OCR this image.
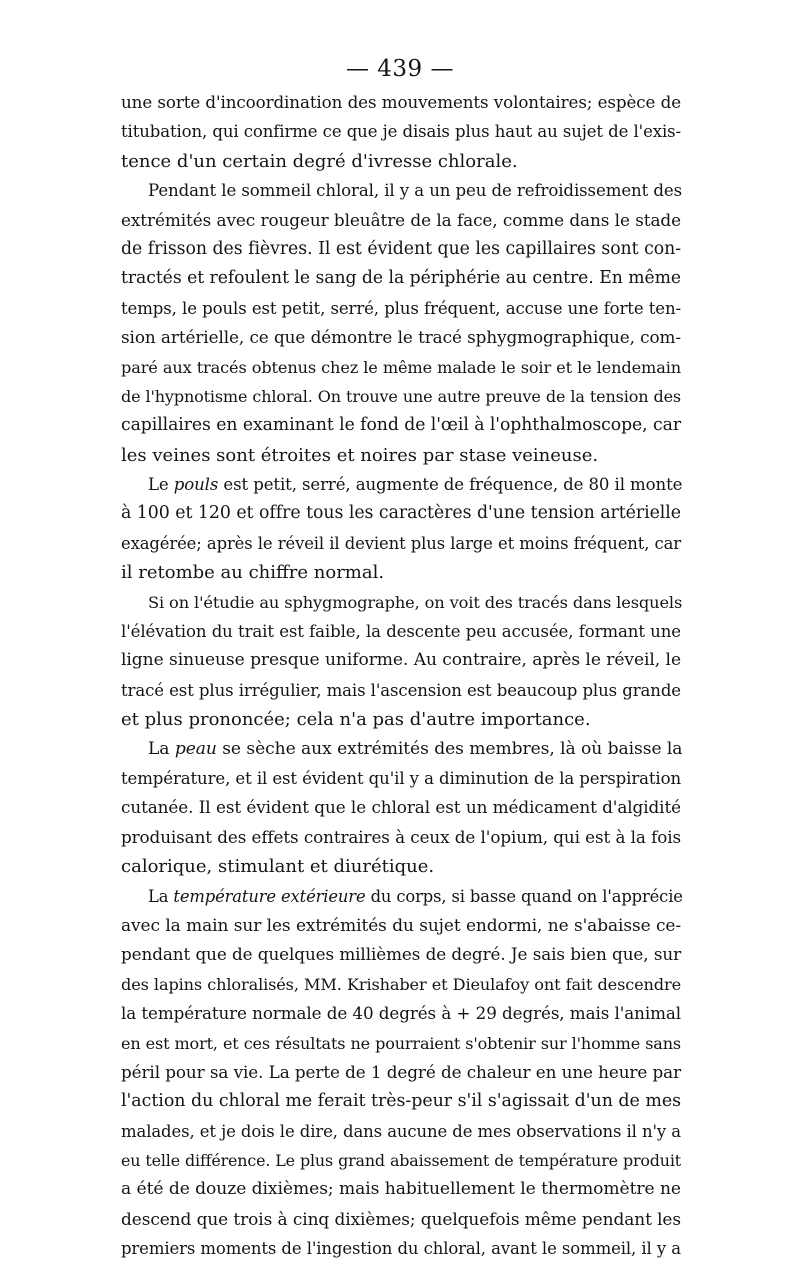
— 439 —
une sorte d'incoordination des mouvements volontaires; espèce de
titubation, qui confirme ce que je disais plus haut au sujet de l'exis-
tence d'un certain degré d'ivresse chlorale.
Pendant le sommeil chloral, il y a un peu de refroidissement des
extrémités avec rougeur bleuâtre de la face, comme dans le stade
de frisson des fièvres. Il est évident que les capillaires sont con-
tractés et refoulent le sang de la périphérie au centre. En même
temps, le pouls est petit, serré, plus fréquent, accuse une forte ten-
sion artérielle, ce que démontre le tracé sphygmographique, com-
paré aux tracés obtenus chez le même malade le soir et le lendemain
de l'hypnotisme chloral. On trouve une autre preuve de la tension des
capillaires en examinant le fond de l'œil à l'ophthalmoscope, car
les veines sont étroites et noires par stase veineuse.
Le pouls est petit, serré, augmente de fréquence, de 80 il monte
à 100 et 120 et offre tous les caractères d'une tension artérielle
exagérée; après le réveil il devient plus large et moins fréquent, car
il retombe au chiffre normal.
Si on l'étudie au sphygmographe, on voit des tracés dans lesquels
l'élévation du trait est faible, la descente peu accusée, formant une
ligne sinueuse presque uniforme. Au contraire, après le réveil, le
tracé est plus irrégulier, mais l'ascension est beaucoup plus grande
et plus prononcée; cela n'a pas d'autre importance.
La peau se sèche aux extrémités des membres, là où baisse la
température, et il est évident qu'il y a diminution de la perspiration
cutanée. Il est évident que le chloral est un médicament d'algidité
produisant des effets contraires à ceux de l'opium, qui est à la fois
calorique, stimulant et diurétique.
La température extérieure du corps, si basse quand on l'apprécie
avec la main sur les extrémités du sujet endormi, ne s'abaisse ce-
pendant que de quelques millièmes de degré. Je sais bien que, sur
des lapins chloralisés, MM. Krishaber et Dieulafoy ont fait descendre
la température normale de 40 degrés à + 29 degrés, mais l'animal
en est mort, et ces résultats ne pourraient s'obtenir sur l'homme sans
péril pour sa vie. La perte de 1 degré de chaleur en une heure par
l'action du chloral me ferait très-peur s'il s'agissait d'un de mes
malades, et je dois le dire, dans aucune de mes observations il n'y a
eu telle différence. Le plus grand abaissement de température produit
a été de douze dixièmes; mais habituellement le thermomètre ne
descend que trois à cinq dixièmes; quelquefois même pendant les
premiers moments de l'ingestion du chloral, avant le sommeil, il y a
